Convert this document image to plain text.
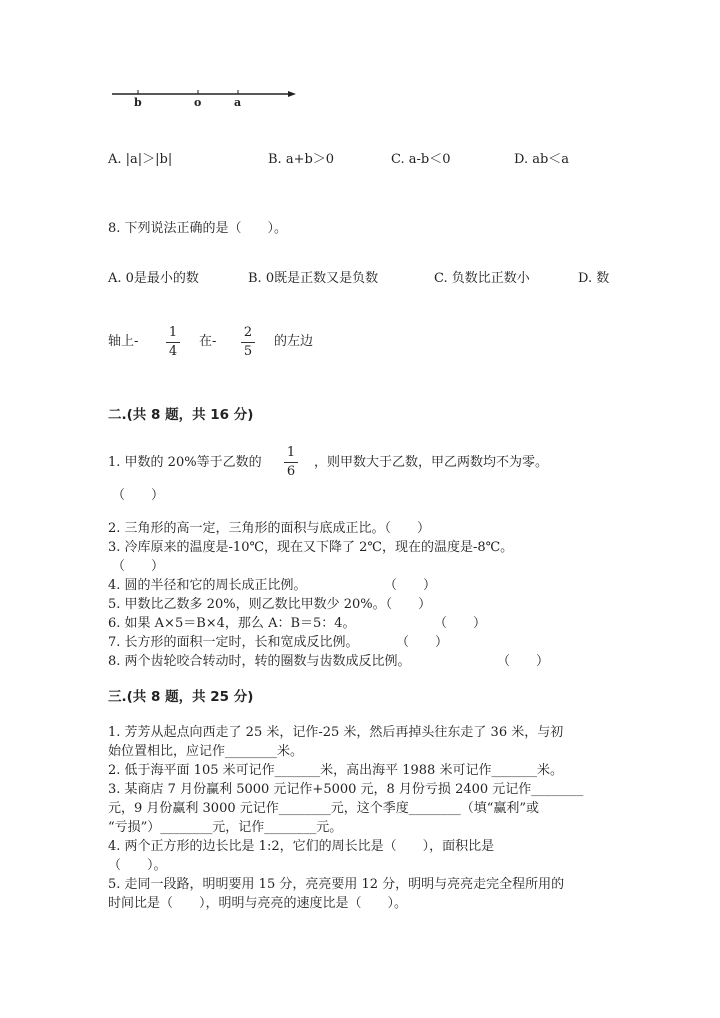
b	o	a
A. |a|＞|b|	B. a+b＞0	C. a-b＜0	D. ab＜a
8. 下列说法正确的是（　　）。
A. 0是最小的数	B. 0既是正数又是负数	C. 负数比正数小	D. 数
轴上-
1
4
在-
2
5
的左边
二.(共 8 题，共 16 分)
1. 甲数的 20%等于乙数的
1
6
，则甲数大于乙数，甲乙两数均不为零。
（　　）
2. 三角形的高一定，三角形的面积与底成正比。（　　）
3. 冷库原来的温度是-10℃，现在又下降了 2℃，现在的温度是-8℃。
（　　）
4. 圆的半径和它的周长成正比例。	（　　）
5. 甲数比乙数多 20%，则乙数比甲数少 20%。（　　）
6. 如果 A×5＝B×4，那么 A：B＝5：4。	（　　）
7. 长方形的面积一定时，长和宽成反比例。	（　　）
8. 两个齿轮咬合转动时，转的圈数与齿数成反比例。	（　　）
三.(共 8 题，共 25 分)
1. 芳芳从起点向西走了 25 米，记作-25 米，然后再掉头往东走了 36 米，与初
始位置相比，应记作________米。
2. 低于海平面 105 米可记作_______米，高出海平 1988 米可记作_______米。
3. 某商店 7 月份赢利 5000 元记作+5000 元，8 月份亏损 2400 元记作________
元，9 月份赢利 3000 元记作________元，这个季度________（填“赢利”或
“亏损”）________元，记作________元。
4. 两个正方形的边长比是 1:2，它们的周长比是（　　），面积比是
（　　）。
5. 走同一段路，明明要用 15 分，亮亮要用 12 分，明明与亮亮走完全程所用的
时间比是（　　），明明与亮亮的速度比是（　　）。
